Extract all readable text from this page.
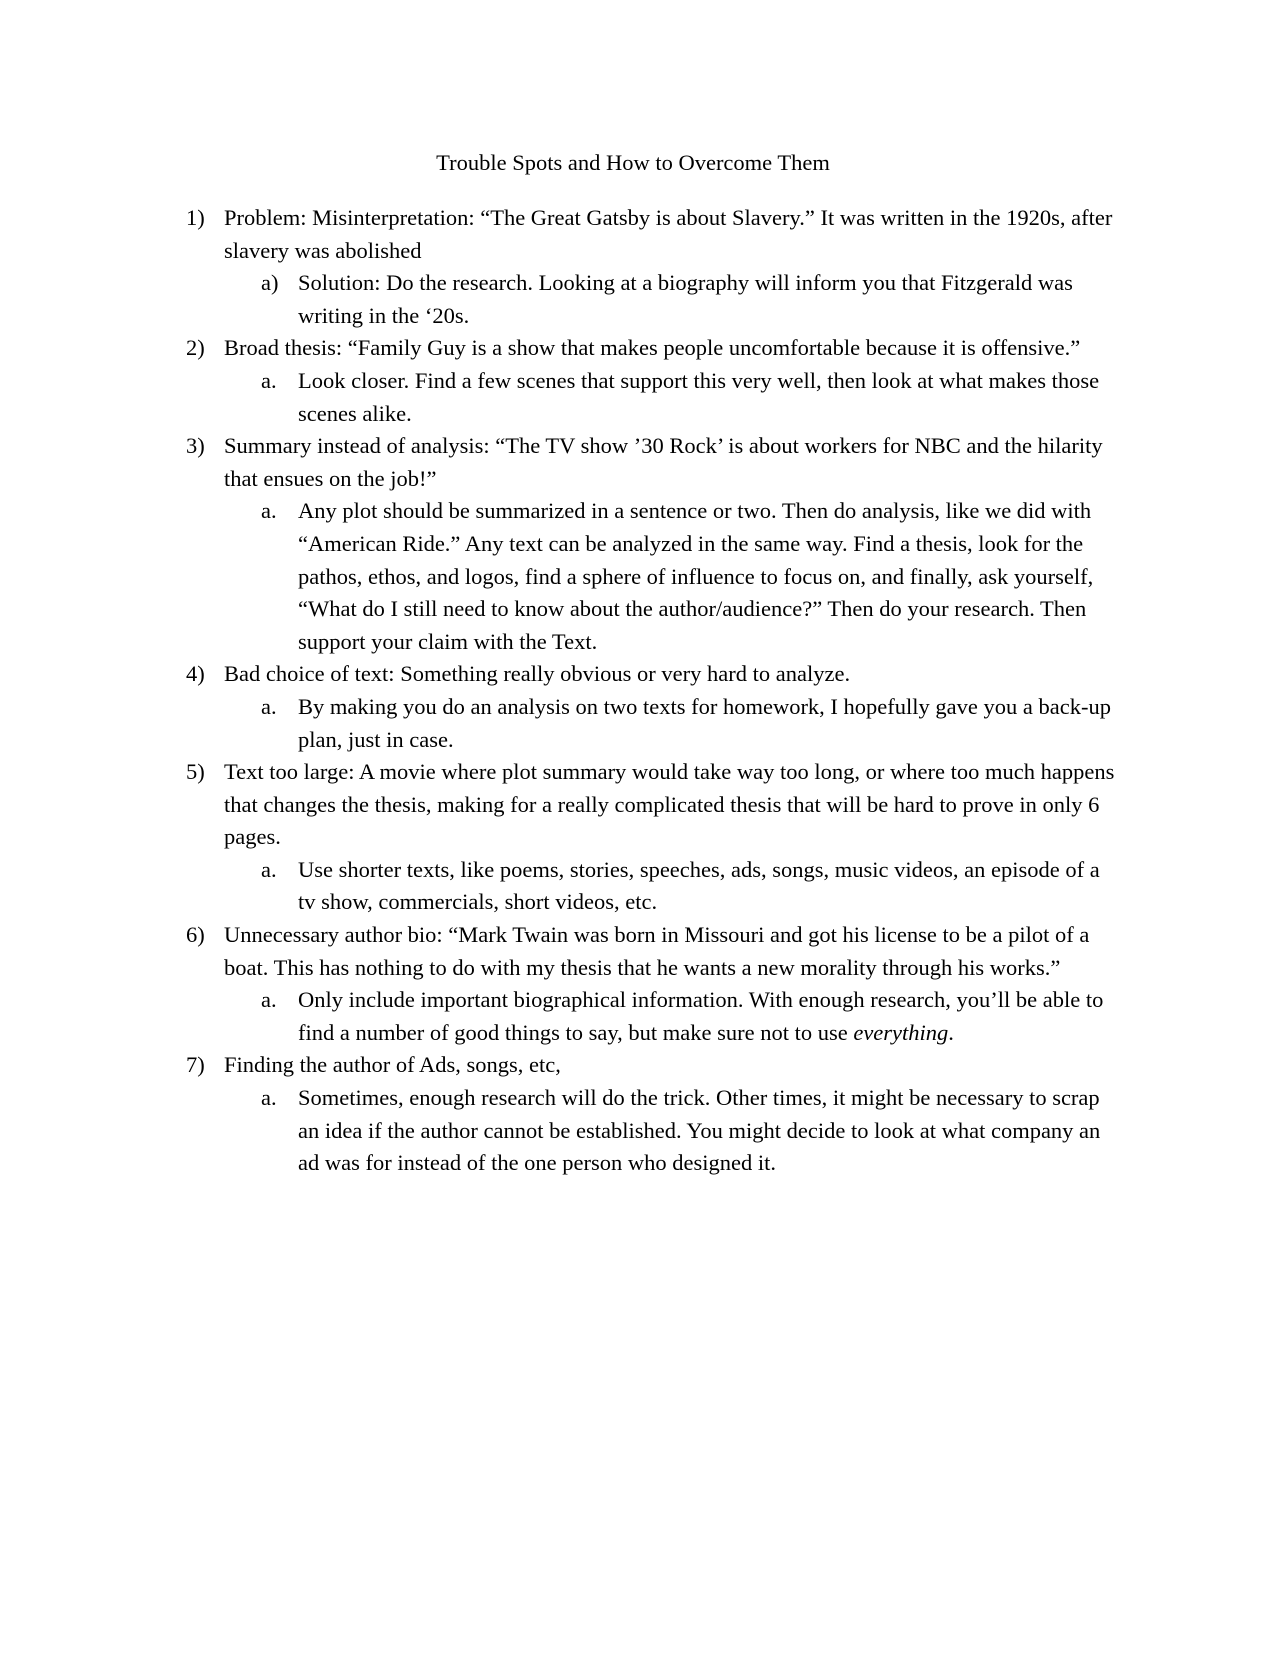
Trouble Spots and How to Overcome Them
1) Problem: Misinterpretation: “The Great Gatsby is about Slavery.” It was written in the 1920s, after slavery was abolished
a) Solution: Do the research. Looking at a biography will inform you that Fitzgerald was writing in the ‘20s.
2) Broad thesis: “Family Guy is a show that makes people uncomfortable because it is offensive.”
a. Look closer. Find a few scenes that support this very well, then look at what makes those scenes alike.
3) Summary instead of analysis: “The TV show ’30 Rock’ is about workers for NBC and the hilarity that ensues on the job!”
a. Any plot should be summarized in a sentence or two. Then do analysis, like we did with “American Ride.” Any text can be analyzed in the same way. Find a thesis, look for the pathos, ethos, and logos, find a sphere of influence to focus on, and finally, ask yourself, “What do I still need to know about the author/audience?” Then do your research. Then support your claim with the Text.
4) Bad choice of text: Something really obvious or very hard to analyze.
a. By making you do an analysis on two texts for homework, I hopefully gave you a back-up plan, just in case.
5) Text too large: A movie where plot summary would take way too long, or where too much happens that changes the thesis, making for a really complicated thesis that will be hard to prove in only 6 pages.
a. Use shorter texts, like poems, stories, speeches, ads, songs, music videos, an episode of a tv show, commercials, short videos, etc.
6) Unnecessary author bio: “Mark Twain was born in Missouri and got his license to be a pilot of a boat. This has nothing to do with my thesis that he wants a new morality through his works.”
a. Only include important biographical information. With enough research, you’ll be able to find a number of good things to say, but make sure not to use everything.
7) Finding the author of Ads, songs, etc,
a. Sometimes, enough research will do the trick. Other times, it might be necessary to scrap an idea if the author cannot be established. You might decide to look at what company an ad was for instead of the one person who designed it.
